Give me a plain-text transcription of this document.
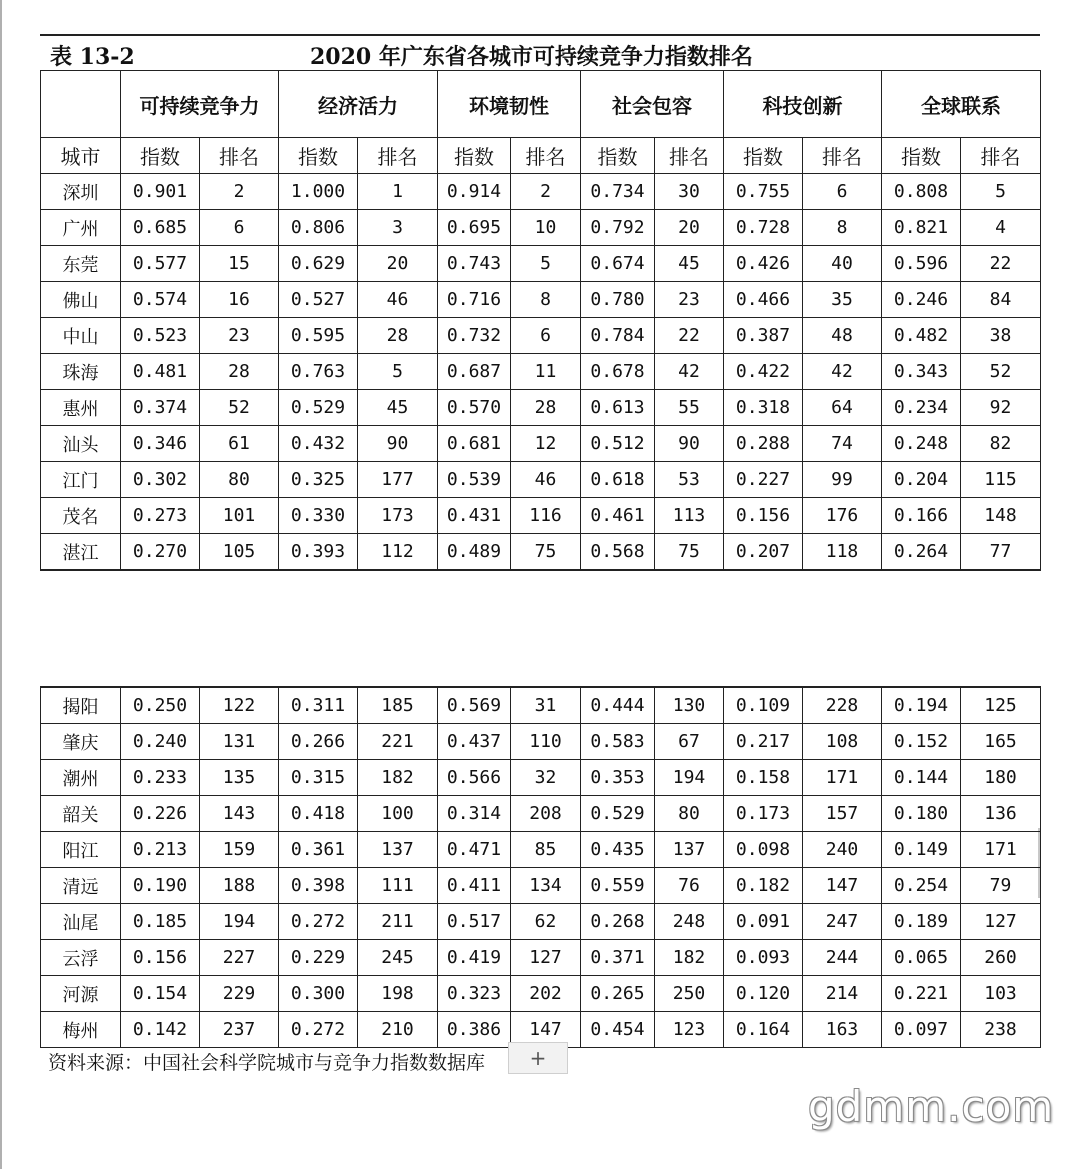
表 13-2	2020 年广东省各城市可持续竞争力指数排名
	可持续竞争力		经济活力		环境韧性		社会包容		科技创新		全球联系	
城市	指数	排名	指数	排名	指数	排名	指数	排名	指数	排名	指数	排名
深圳	0.901	2	1.000	1	0.914	2	0.734	30	0.755	6	0.808	5
广州	0.685	6	0.806	3	0.695	10	0.792	20	0.728	8	0.821	4
东莞	0.577	15	0.629	20	0.743	5	0.674	45	0.426	40	0.596	22
佛山	0.574	16	0.527	46	0.716	8	0.780	23	0.466	35	0.246	84
中山	0.523	23	0.595	28	0.732	6	0.784	22	0.387	48	0.482	38
珠海	0.481	28	0.763	5	0.687	11	0.678	42	0.422	42	0.343	52
惠州	0.374	52	0.529	45	0.570	28	0.613	55	0.318	64	0.234	92
汕头	0.346	61	0.432	90	0.681	12	0.512	90	0.288	74	0.248	82
江门	0.302	80	0.325	177	0.539	46	0.618	53	0.227	99	0.204	115
茂名	0.273	101	0.330	173	0.431	116	0.461	113	0.156	176	0.166	148
湛江	0.270	105	0.393	112	0.489	75	0.568	75	0.207	118	0.264	77
揭阳	0.250	122	0.311	185	0.569	31	0.444	130	0.109	228	0.194	125
肇庆	0.240	131	0.266	221	0.437	110	0.583	67	0.217	108	0.152	165
潮州	0.233	135	0.315	182	0.566	32	0.353	194	0.158	171	0.144	180
韶关	0.226	143	0.418	100	0.314	208	0.529	80	0.173	157	0.180	136
阳江	0.213	159	0.361	137	0.471	85	0.435	137	0.098	240	0.149	171
清远	0.190	188	0.398	111	0.411	134	0.559	76	0.182	147	0.254	79
汕尾	0.185	194	0.272	211	0.517	62	0.268	248	0.091	247	0.189	127
云浮	0.156	227	0.229	245	0.419	127	0.371	182	0.093	244	0.065	260
河源	0.154	229	0.300	198	0.323	202	0.265	250	0.120	214	0.221	103
梅州	0.142	237	0.272	210	0.386	147	0.454	123	0.164	163	0.097	238
资料来源：中国社会科学院城市与竞争力指数数据库	+
gdmm.com
